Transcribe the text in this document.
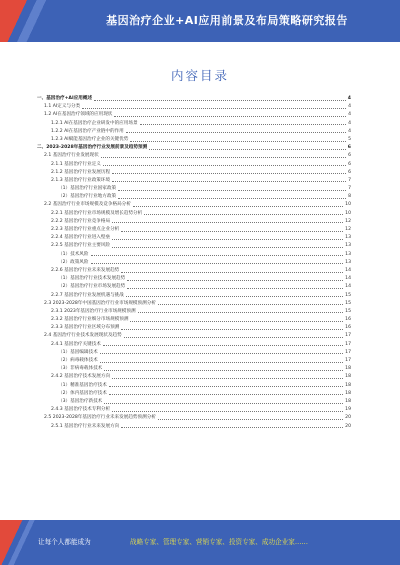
基因治疗企业+AI应用前景及布局策略研究报告
内容目录
一、基因治疗+AI应用概述	4
1.1 AI定义与分类	4
1.2 AI在基因治疗领域的应用现状	4
1.2.1 AI在基因治疗企业研发中的应用场景	4
1.2.2 AI在基因治疗产业链中的作用	4
1.2.3 AI赋能基因治疗企业的关键优势	5
二、2023-2028年基因治疗行业发展前景及趋势预测	6
2.1 基因治疗行业发展现状	6
2.1.1 基因治疗行业定义	6
2.1.2 基因治疗行业发展历程	6
2.1.3 基因治疗行业政策环境	7
（1）基因治疗行业国家政策	7
（2）基因治疗行业地方政策	8
2.2 基因治疗行业市场规模及竞争格局分析	10
2.2.1 基因治疗行业市场规模及增长趋势分析	10
2.2.2 基因治疗行业竞争格局	12
2.2.3 基因治疗行业重点企业分析	12
2.2.4 基因治疗行业进入壁垒	13
2.2.5 基因治疗行业主要风险	13
（1）技术风险	13
（2）政策风险	13
2.2.6 基因治疗行业未来发展趋势	14
（1）基因治疗行业技术发展趋势	14
（2）基因治疗行业市场发展趋势	14
2.2.7 基因治疗行业发展机遇与挑战	15
2.3 2023-2028年中国基因治疗行业市场规模预测分析	15
2.3.1 2023年基因治疗行业市场规模预测	15
2.3.2 基因治疗行业细分市场规模预测	16
2.3.3 基因治疗行业区域分布预测	16
2.4 基因治疗行业技术发展现状及趋势	17
2.4.1 基因治疗关键技术	17
（1）基因编辑技术	17
（2）病毒载体技术	17
（3）非病毒载体技术	18
2.4.2 基因治疗技术发展方向	18
（1）精准基因治疗技术	18
（2）体内基因治疗技术	18
（3）基因治疗新技术	18
2.4.3 基因治疗技术专利分析	19
2.5 2023-2028年基因治疗行业未来发展趋势预测分析	20
2.5.1 基因治疗行业未来发展方向	20
让每个人都能成为	战略专家、管理专家、营销专家、投资专家、成功企业家……
